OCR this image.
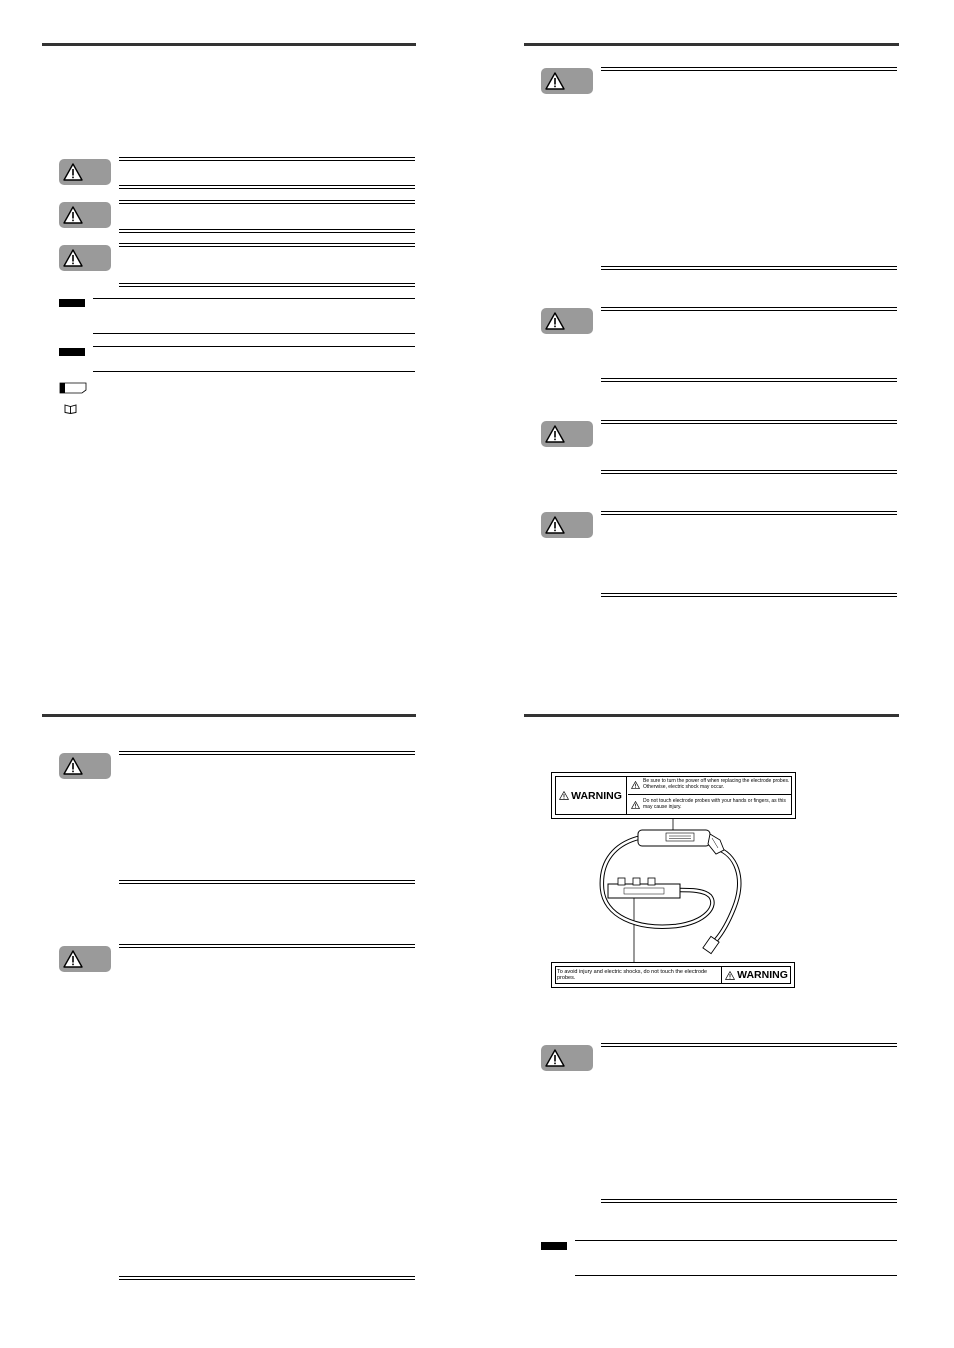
WARNING
Be sure to turn the power off when replacing the electrode probes. Otherwise, electric shock may occur.
Do not touch electrode probes with your hands or fingers, as this may cause injury.
To avoid injury and electric shocks, do not touch the electrode probes.	WARNING
